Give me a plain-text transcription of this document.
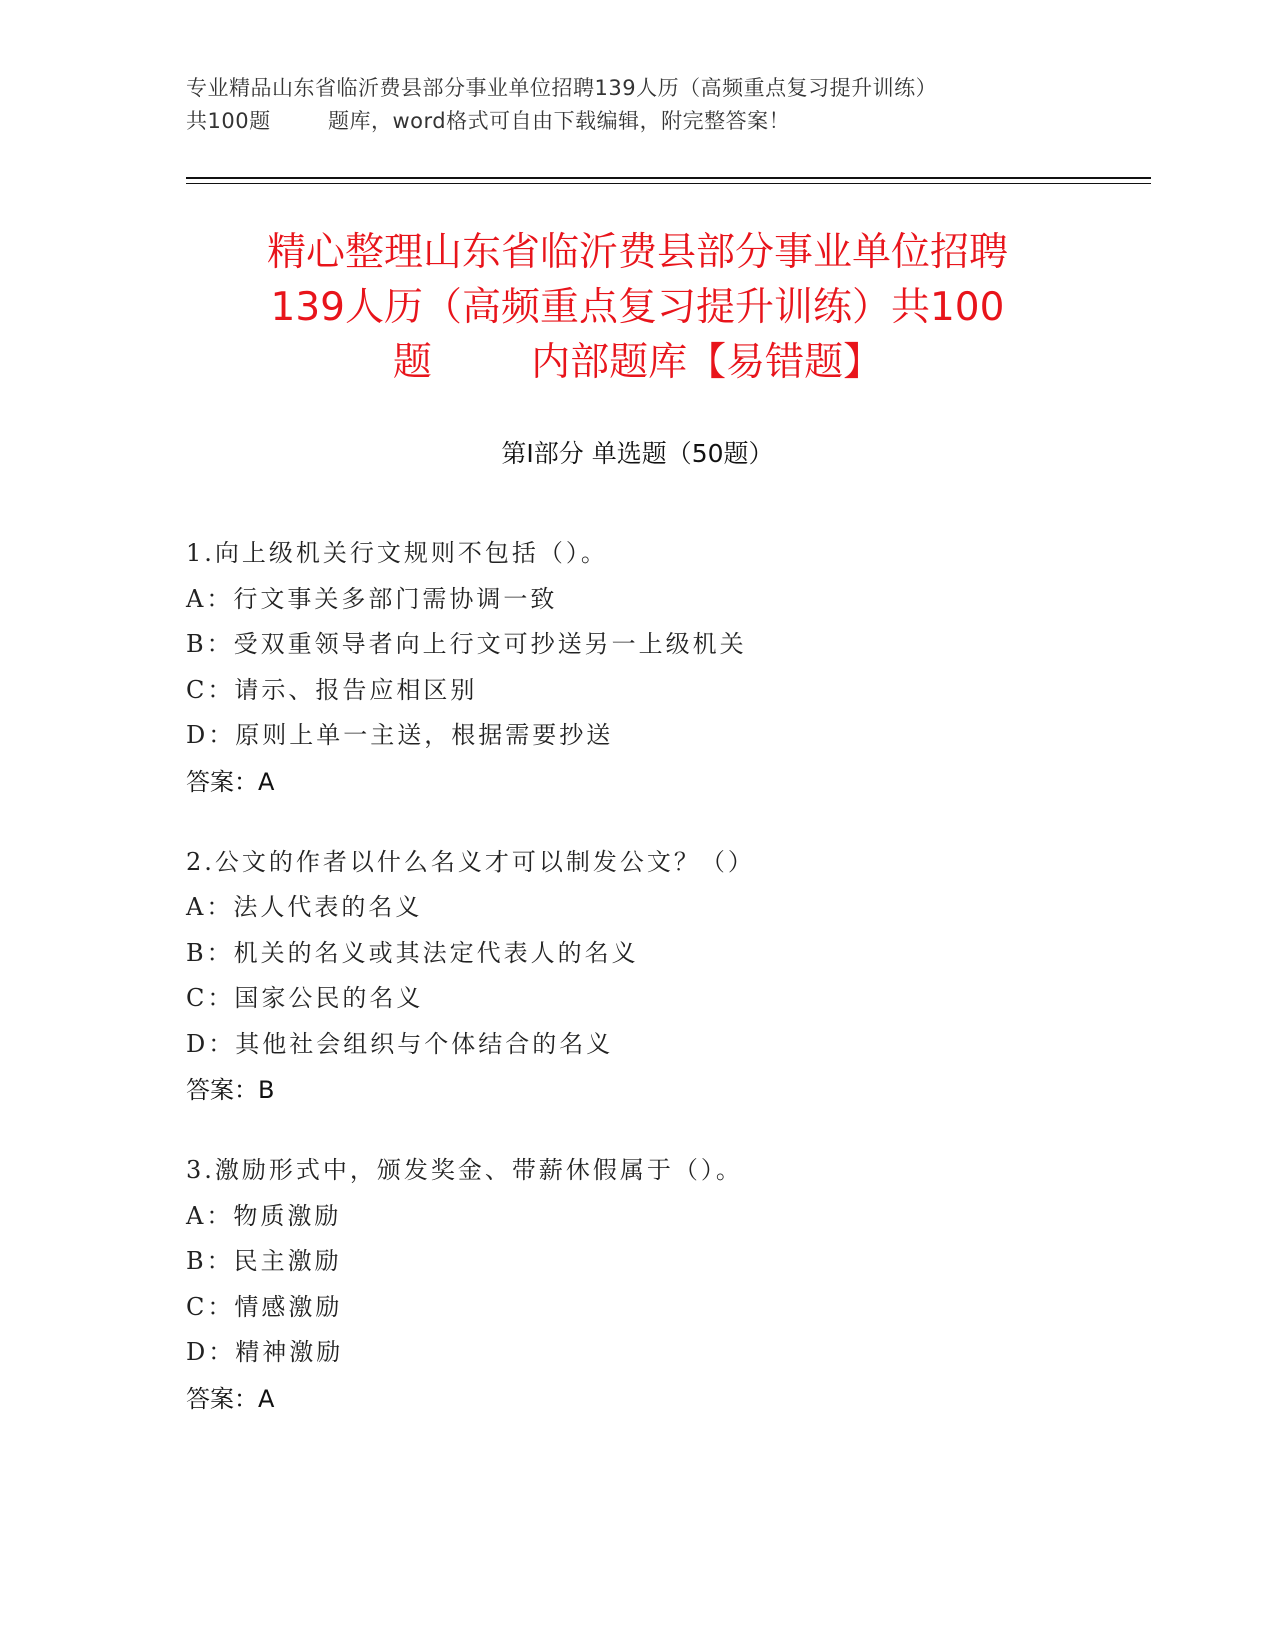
专业精品山东省临沂费县部分事业单位招聘139人历（高频重点复习提升训练）
共100题        题库，word格式可自由下载编辑，附完整答案！
精心整理山东省临沂费县部分事业单位招聘
139人历（高频重点复习提升训练）共100
题        内部题库【易错题】
第Ⅰ部分 单选题（50题）
1.向上级机关行文规则不包括（）。
A：行文事关多部门需协调一致
B：受双重领导者向上行文可抄送另一上级机关
C：请示、报告应相区别
D：原则上单一主送，根据需要抄送
答案：A
2.公文的作者以什么名义才可以制发公文？（）
A：法人代表的名义
B：机关的名义或其法定代表人的名义
C：国家公民的名义
D：其他社会组织与个体结合的名义
答案：B
3.激励形式中，颁发奖金、带薪休假属于（）。
A：物质激励
B：民主激励
C：情感激励
D：精神激励
答案：A
